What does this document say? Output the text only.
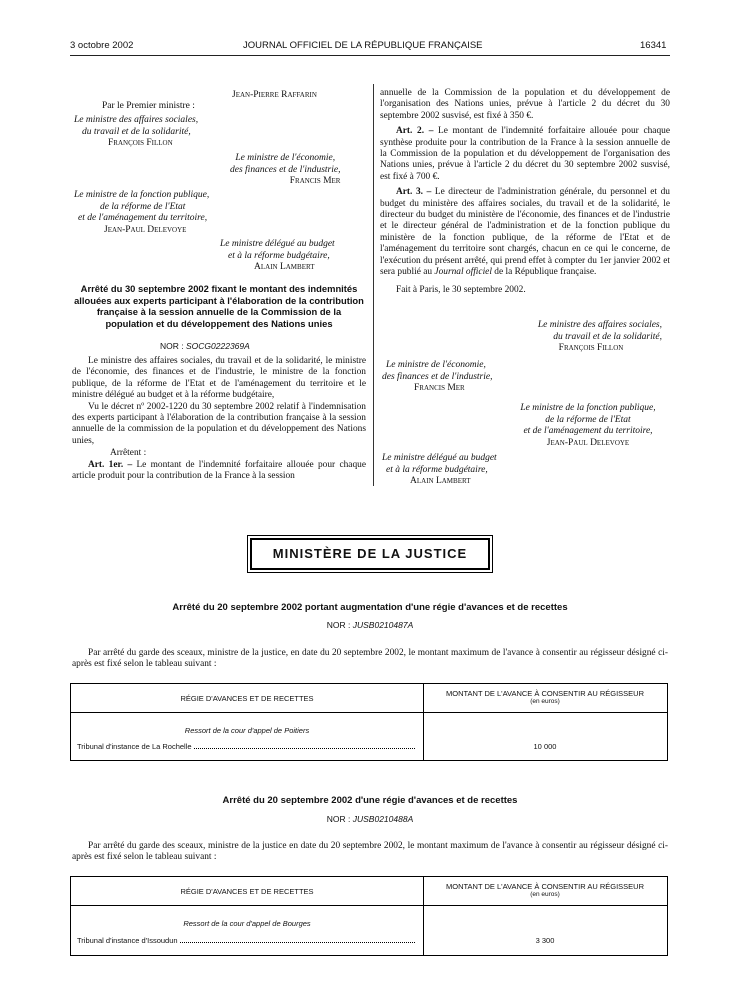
3 octobre 2002	JOURNAL OFFICIEL DE LA RÉPUBLIQUE FRANÇAISE	16341
Jean-Pierre Raffarin
Par le Premier ministre :
Le ministre des affaires sociales,
du travail et de la solidarité,
François Fillon
Le ministre de l'économie,
des finances et de l'industrie,
Francis Mer
Le ministre de la fonction publique,
de la réforme de l'Etat
et de l'aménagement du territoire,
Jean-Paul Delevoye
Le ministre délégué au budget
et à la réforme budgétaire,
Alain Lambert
Arrêté du 30 septembre 2002 fixant le montant des indemnités allouées aux experts participant à l'élaboration de la contribution française à la session annuelle de la Commission de la population et du développement des Nations unies
NOR : SOCG0222369A

Le ministre des affaires sociales, du travail et de la solidarité, le ministre de l'économie, des finances et de l'industrie, le ministre de la fonction publique, de la réforme de l'Etat et de l'aménagement du territoire et le ministre délégué au budget et à la réforme budgétaire,

Vu le décret nº 2002-1220 du 30 septembre 2002 relatif à l'indemnisation des experts participant à l'élaboration de la contribution française à la session annuelle de la commission de la population et du développement des Nations unies,

Arrêtent :

Art. 1er. – Le montant de l'indemnité forfaitaire allouée pour chaque article produit pour la contribution de la France à la session

annuelle de la Commission de la population et du développement de l'organisation des Nations unies, prévue à l'article 2 du décret du 30 septembre 2002 susvisé, est fixé à 350 €.

Art. 2. – Le montant de l'indemnité forfaitaire allouée pour chaque synthèse produite pour la contribution de la France à la session annuelle de la Commission de la population et du développement de l'organisation des Nations unies, prévue à l'article 2 du décret du 30 septembre 2002 susvisé, est fixé à 700 €.

Art. 3. – Le directeur de l'administration générale, du personnel et du budget du ministère des affaires sociales, du travail et de la solidarité, le directeur du budget du ministère de l'économie, des finances et de l'industrie et le directeur général de l'administration et de la fonction publique du ministère de la fonction publique, de la réforme de l'Etat et de l'aménagement du territoire sont chargés, chacun en ce qui le concerne, de l'exécution du présent arrêté, qui prend effet à compter du 1er janvier 2002 et sera publié au Journal officiel de la République française.

Fait à Paris, le 30 septembre 2002.

Le ministre des affaires sociales,
du travail et de la solidarité,
François Fillon
Le ministre de l'économie,
des finances et de l'industrie,
Francis Mer
Le ministre de la fonction publique,
de la réforme de l'Etat
et de l'aménagement du territoire,
Jean-Paul Delevoye
Le ministre délégué au budget
et à la réforme budgétaire,
Alain Lambert
MINISTÈRE DE LA JUSTICE
Arrêté du 20 septembre 2002 portant augmentation d'une régie d'avances et de recettes
NOR : JUSB0210487A

Par arrêté du garde des sceaux, ministre de la justice, en date du 20 septembre 2002, le montant maximum de l'avance à consentir au régisseur désigné ci-après est fixé selon le tableau suivant :

RÉGIE D'AVANCES ET DE RECETTES
MONTANT DE L'AVANCE À CONSENTIR AU RÉGISSEUR
(en euros)
Ressort de la cour d'appel de Poitiers
Tribunal d'instance de La Rochelle	10 000
Arrêté du 20 septembre 2002 d'une régie d'avances et de recettes
NOR : JUSB0210488A

Par arrêté du garde des sceaux, ministre de la justice en date du 20 septembre 2002, le montant maximum de l'avance à consentir au régisseur désigné ci-après est fixé selon le tableau suivant :

RÉGIE D'AVANCES ET DE RECETTES
MONTANT DE L'AVANCE À CONSENTIR AU RÉGISSEUR
(en euros)
Ressort de la cour d'appel de Bourges
Tribunal d'instance d'Issoudun	3 300
